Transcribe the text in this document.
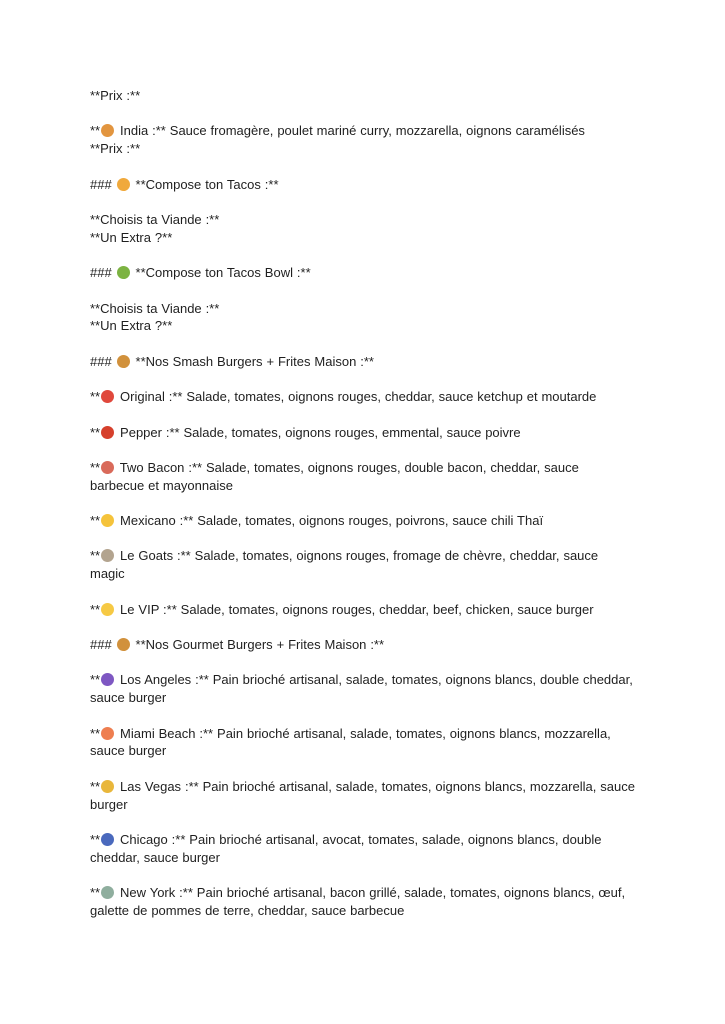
**Prix :**

** India :** Sauce fromagère, poulet mariné curry, mozzarella, oignons caramélisés
**Prix :**

###  **Compose ton Tacos :**

**Choisis ta Viande :**
**Un Extra ?**

###  **Compose ton Tacos Bowl :**

**Choisis ta Viande :**
**Un Extra ?**

###  **Nos Smash Burgers + Frites Maison :**

** Original :** Salade, tomates, oignons rouges, cheddar, sauce ketchup et moutarde

** Pepper :** Salade, tomates, oignons rouges, emmental, sauce poivre

** Two Bacon :** Salade, tomates, oignons rouges, double bacon, cheddar, sauce barbecue et mayonnaise

** Mexicano :** Salade, tomates, oignons rouges, poivrons, sauce chili Thaï

** Le Goats :** Salade, tomates, oignons rouges, fromage de chèvre, cheddar, sauce magic

** Le VIP :** Salade, tomates, oignons rouges, cheddar, beef, chicken, sauce burger

###  **Nos Gourmet Burgers + Frites Maison :**

** Los Angeles :** Pain brioché artisanal, salade, tomates, oignons blancs, double cheddar, sauce burger

** Miami Beach :** Pain brioché artisanal, salade, tomates, oignons blancs, mozzarella, sauce burger

** Las Vegas :** Pain brioché artisanal, salade, tomates, oignons blancs, mozzarella, sauce burger

** Chicago :** Pain brioché artisanal, avocat, tomates, salade, oignons blancs, double cheddar, sauce burger

** New York :** Pain brioché artisanal, bacon grillé, salade, tomates, oignons blancs, œuf, galette de pommes de terre, cheddar, sauce barbecue
